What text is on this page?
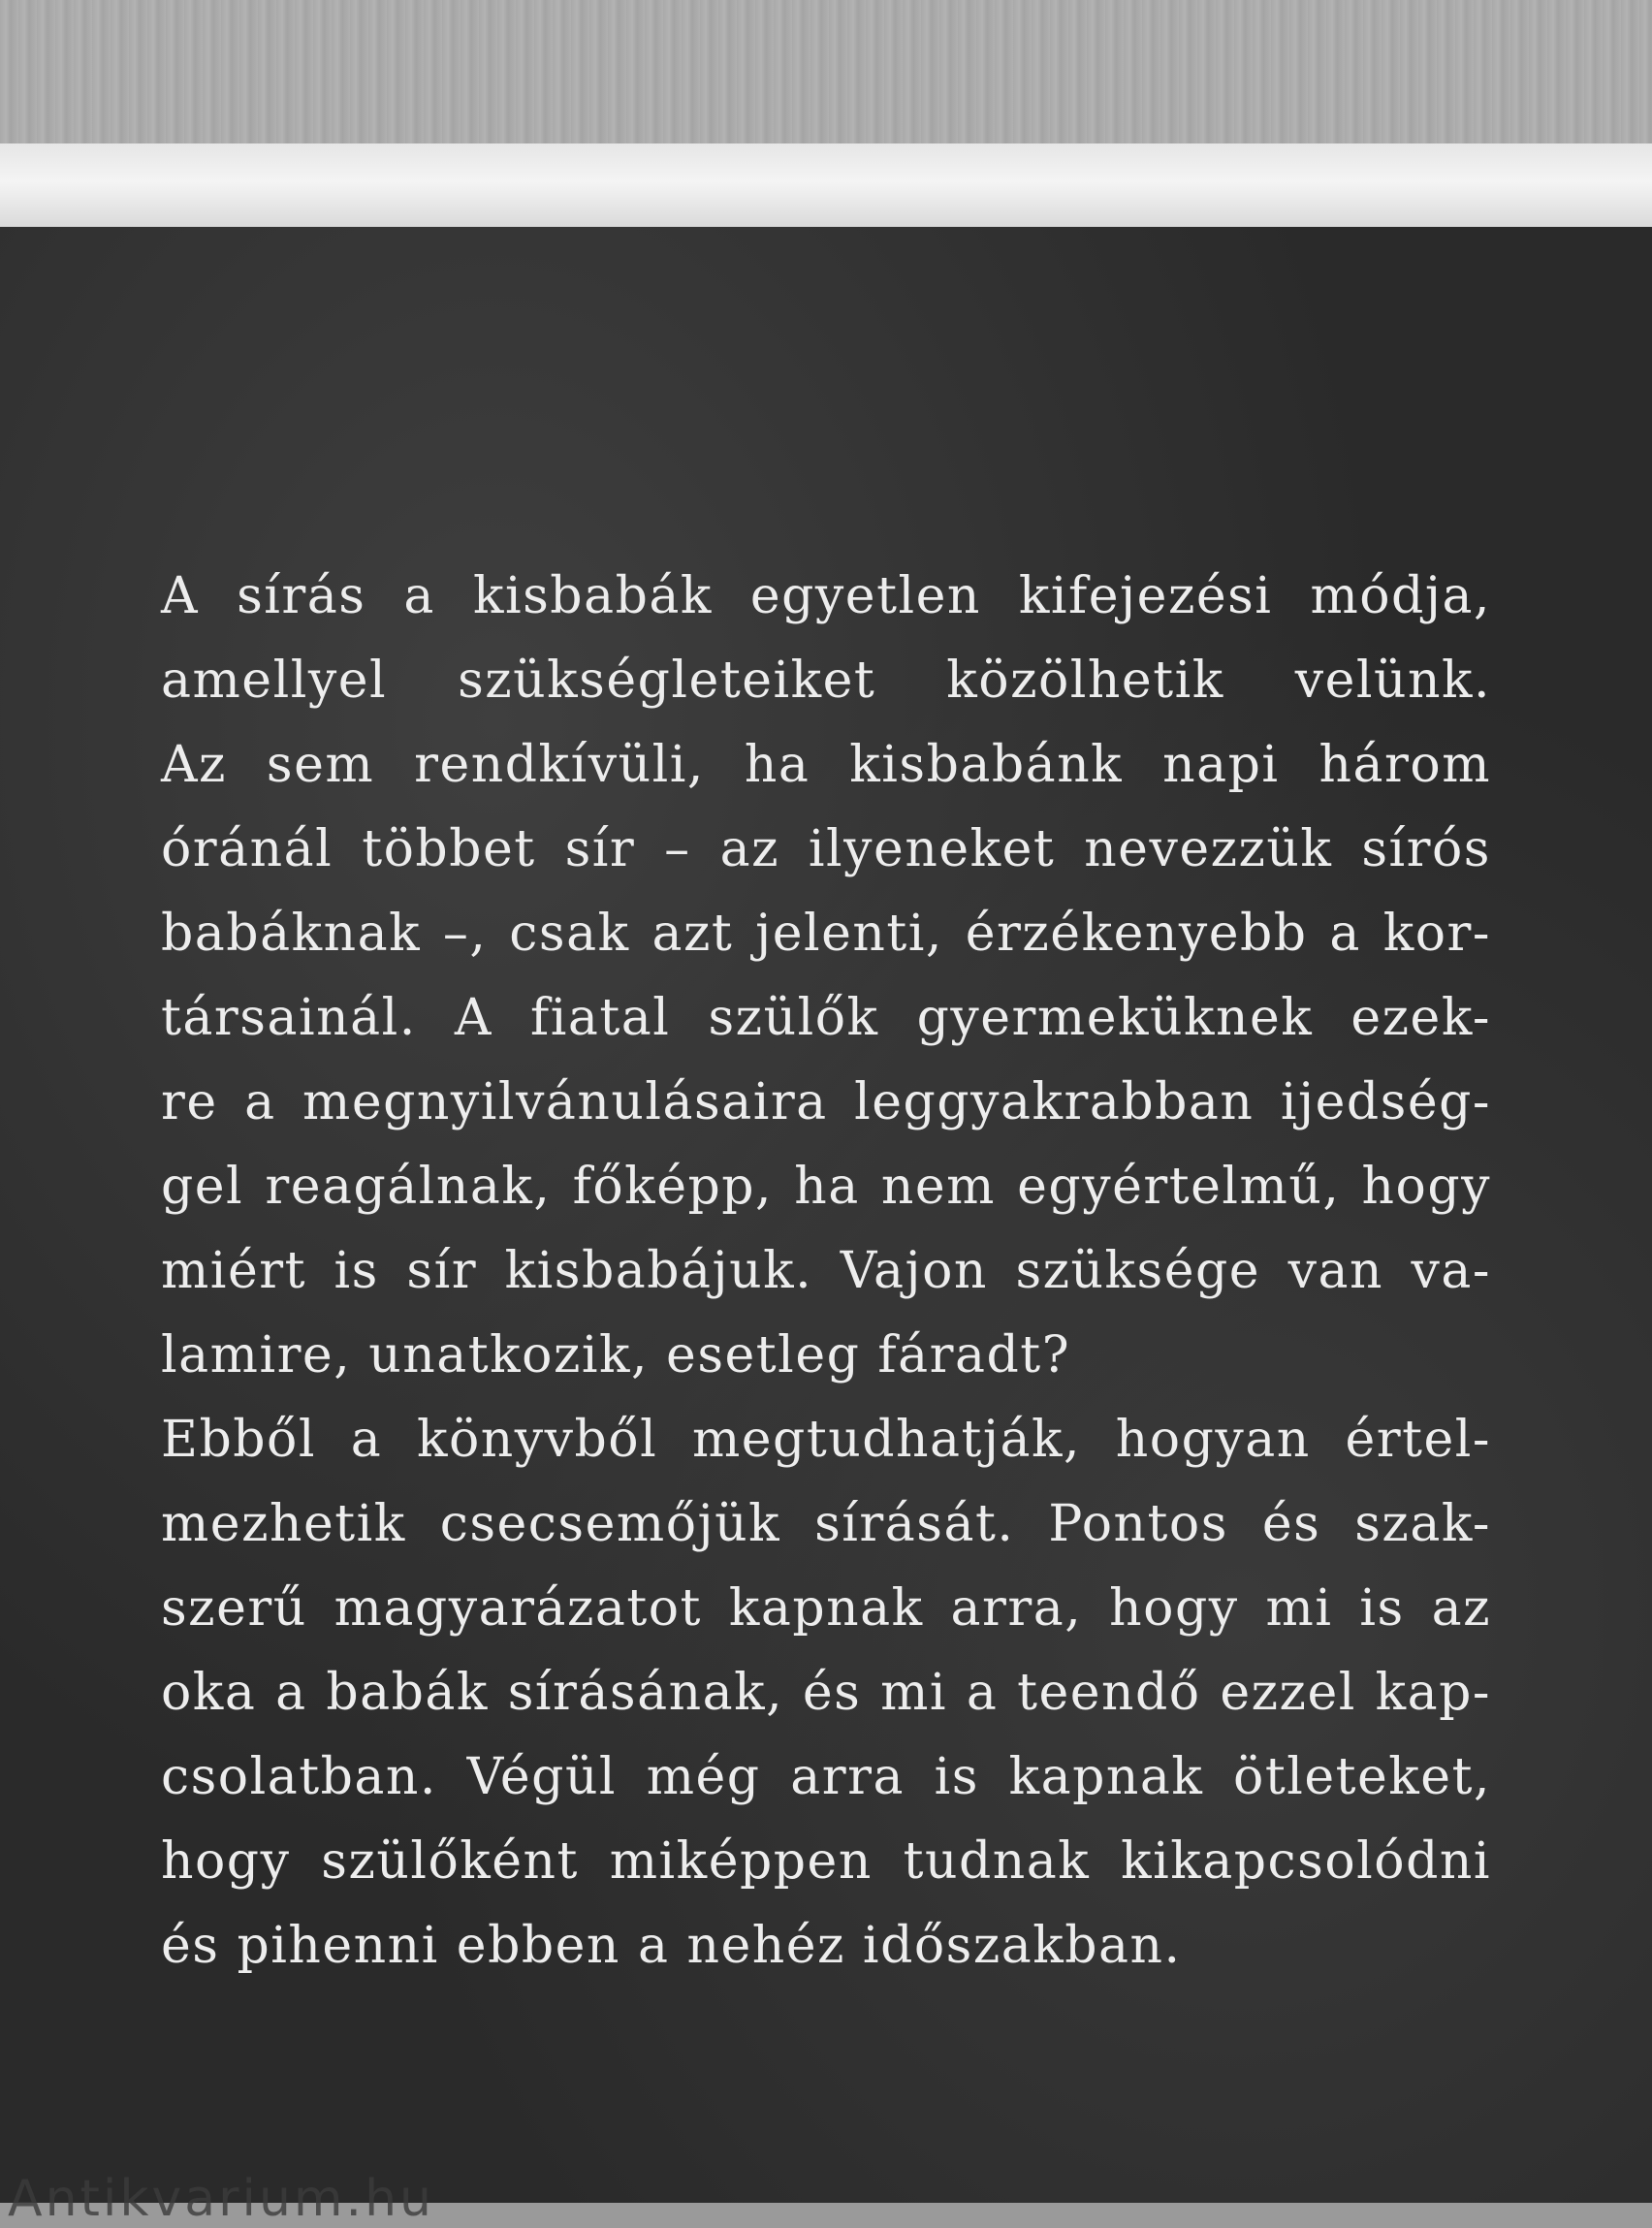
A sírás a kisbabák egyetlen kifejezési módja,
amellyel szükségleteiket közölhetik velünk.
Az sem rendkívüli, ha kisbabánk napi három
óránál többet sír – az ilyeneket nevezzük sírós
babáknak –, csak azt jelenti, érzékenyebb a kor-
társainál. A fiatal szülők gyermeküknek ezek-
re a megnyilvánulásaira leggyakrabban ijedség-
gel reagálnak, főképp, ha nem egyértelmű, hogy
miért is sír kisbabájuk. Vajon szüksége van va-
lamire, unatkozik, esetleg fáradt?
Ebből a könyvből megtudhatják, hogyan értel-
mezhetik csecsemőjük sírását. Pontos és szak-
szerű magyarázatot kapnak arra, hogy mi is az
oka a babák sírásának, és mi a teendő ezzel kap-
csolatban. Végül még arra is kapnak ötleteket,
hogy szülőként miképpen tudnak kikapcsolódni
és pihenni ebben a nehéz időszakban.
Antikvarium.hu
